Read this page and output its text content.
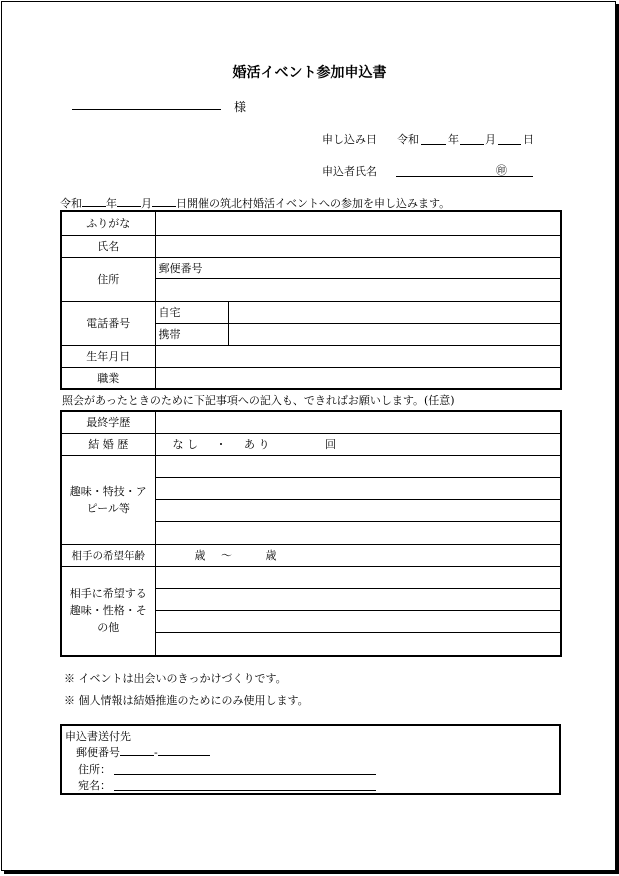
婚活イベント参加申込書
様
申し込み日 令和	年 月 日
申込者氏名	㊞
令和 年 月 日開催の筑北村婚活イベントへの参加を申し込みます。
ふりがな		
氏名		
住所	郵便番号	

電話番号	自宅	
	携帯	
生年月日		
職業		
照会があったときのために下記事項への記入も、できればお願いします。(任意)
最終学歴	
結 婚 歴	な し ・ あ り 回
趣味・特技・アピール等	

相手の希望年齢	歳 〜 歳
相手に希望する趣味・性格・その他	
※ イベントは出会いのきっかけづくりです。
※ 個人情報は結婚推進のためにのみ使用します。
申込書送付先
郵便番号	-
住所：
宛名：
